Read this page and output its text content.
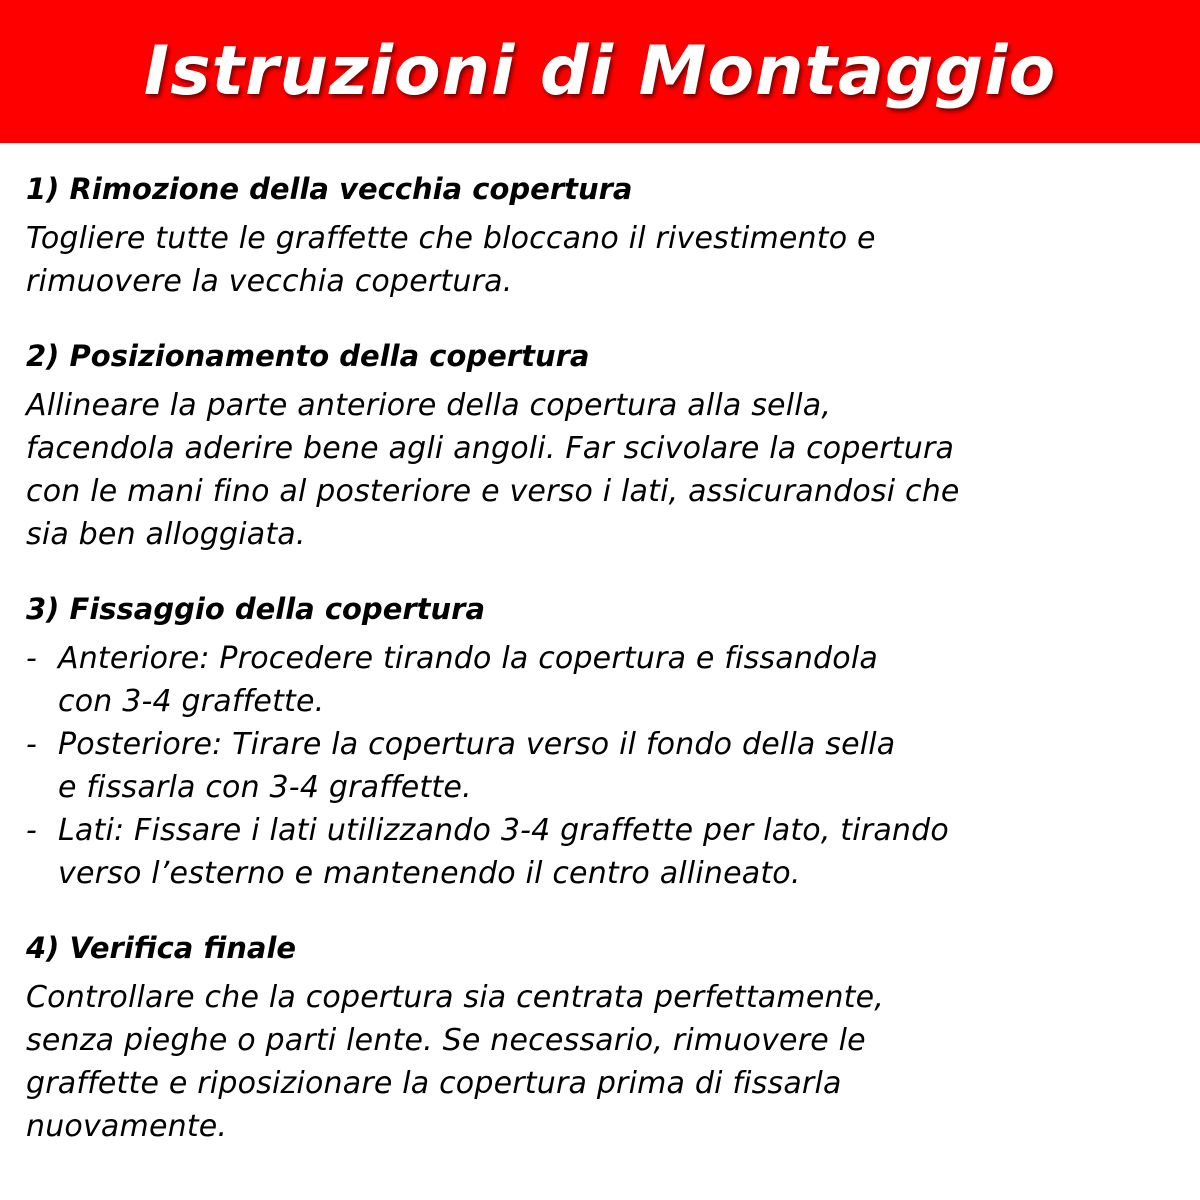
Istruzioni di Montaggio
1) Rimozione della vecchia copertura
Togliere tutte le graffette che bloccano il rivestimento e
rimuovere la vecchia copertura.
2) Posizionamento della copertura
Allineare la parte anteriore della copertura alla sella,
facendola aderire bene agli angoli. Far scivolare la copertura
con le mani fino al posteriore e verso i lati, assicurandosi che
sia ben alloggiata.
3) Fissaggio della copertura
- Anteriore: Procedere tirando la copertura e fissandola
con 3-4 graffette.
- Posteriore: Tirare la copertura verso il fondo della sella
e fissarla con 3-4 graffette.
- Lati: Fissare i lati utilizzando 3-4 graffette per lato, tirando
verso l’esterno e mantenendo il centro allineato.
4) Verifica finale
Controllare che la copertura sia centrata perfettamente,
senza pieghe o parti lente. Se necessario, rimuovere le
graffette e riposizionare la copertura prima di fissarla
nuovamente.
